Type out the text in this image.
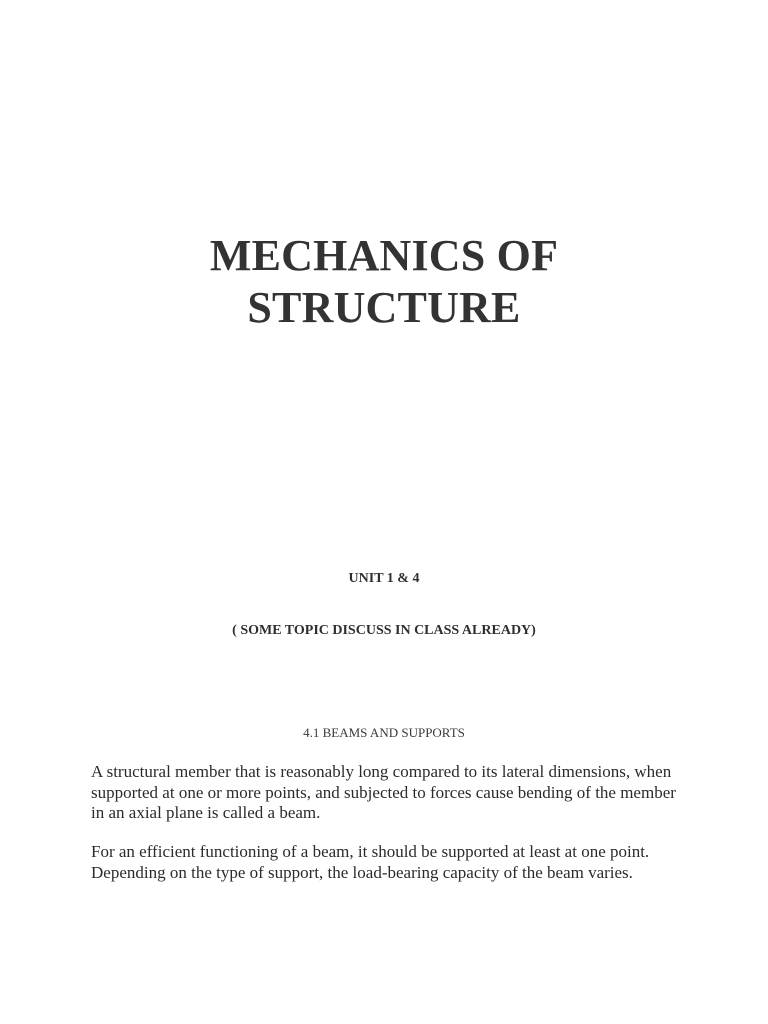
MECHANICS OF
STRUCTURE

UNIT 1 & 4

( SOME TOPIC DISCUSS IN CLASS ALREADY)

4.1 BEAMS AND SUPPORTS

A structural member that is reasonably long compared to its lateral dimensions, when supported at one or more points, and subjected to forces cause bending of the member in an axial plane is called a beam.

For an efficient functioning of a beam, it should be supported at least at one point. Depending on the type of support, the load-bearing capacity of the beam varies.
